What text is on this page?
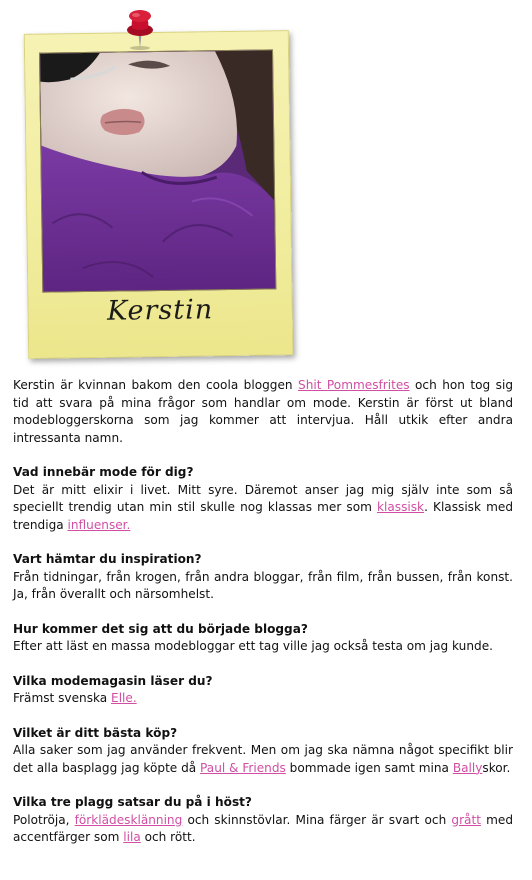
Kerstin

Kerstin är kvinnan bakom den coola bloggen Shit Pommesfrites och hon tog sig tid att svara på mina frågor som handlar om mode. Kerstin är först ut bland modebloggerskorna som jag kommer att intervjua. Håll utkik efter andra intressanta namn.

Vad innebär mode för dig?

Det är mitt elixir i livet. Mitt syre. Däremot anser jag mig själv inte som så speciellt trendig utan min stil skulle nog klassas mer som klassisk. Klassisk med trendiga influenser.

Vart hämtar du inspiration?

Från tidningar, från krogen, från andra bloggar, från film, från bussen, från konst. Ja, från överallt och närsomhelst.

Hur kommer det sig att du började blogga?

Efter att läst en massa modebloggar ett tag ville jag också testa om jag kunde.

Vilka modemagasin läser du?

Främst svenska Elle.

Vilket är ditt bästa köp?

Alla saker som jag använder frekvent. Men om jag ska nämna något specifikt blir det alla basplagg jag köpte då Paul & Friends bommade igen samt mina Ballyskor.

Vilka tre plagg satsar du på i höst?

Polotröja, förklädesklänning och skinnstövlar. Mina färger är svart och grått med accentfärger som lila och rött.
